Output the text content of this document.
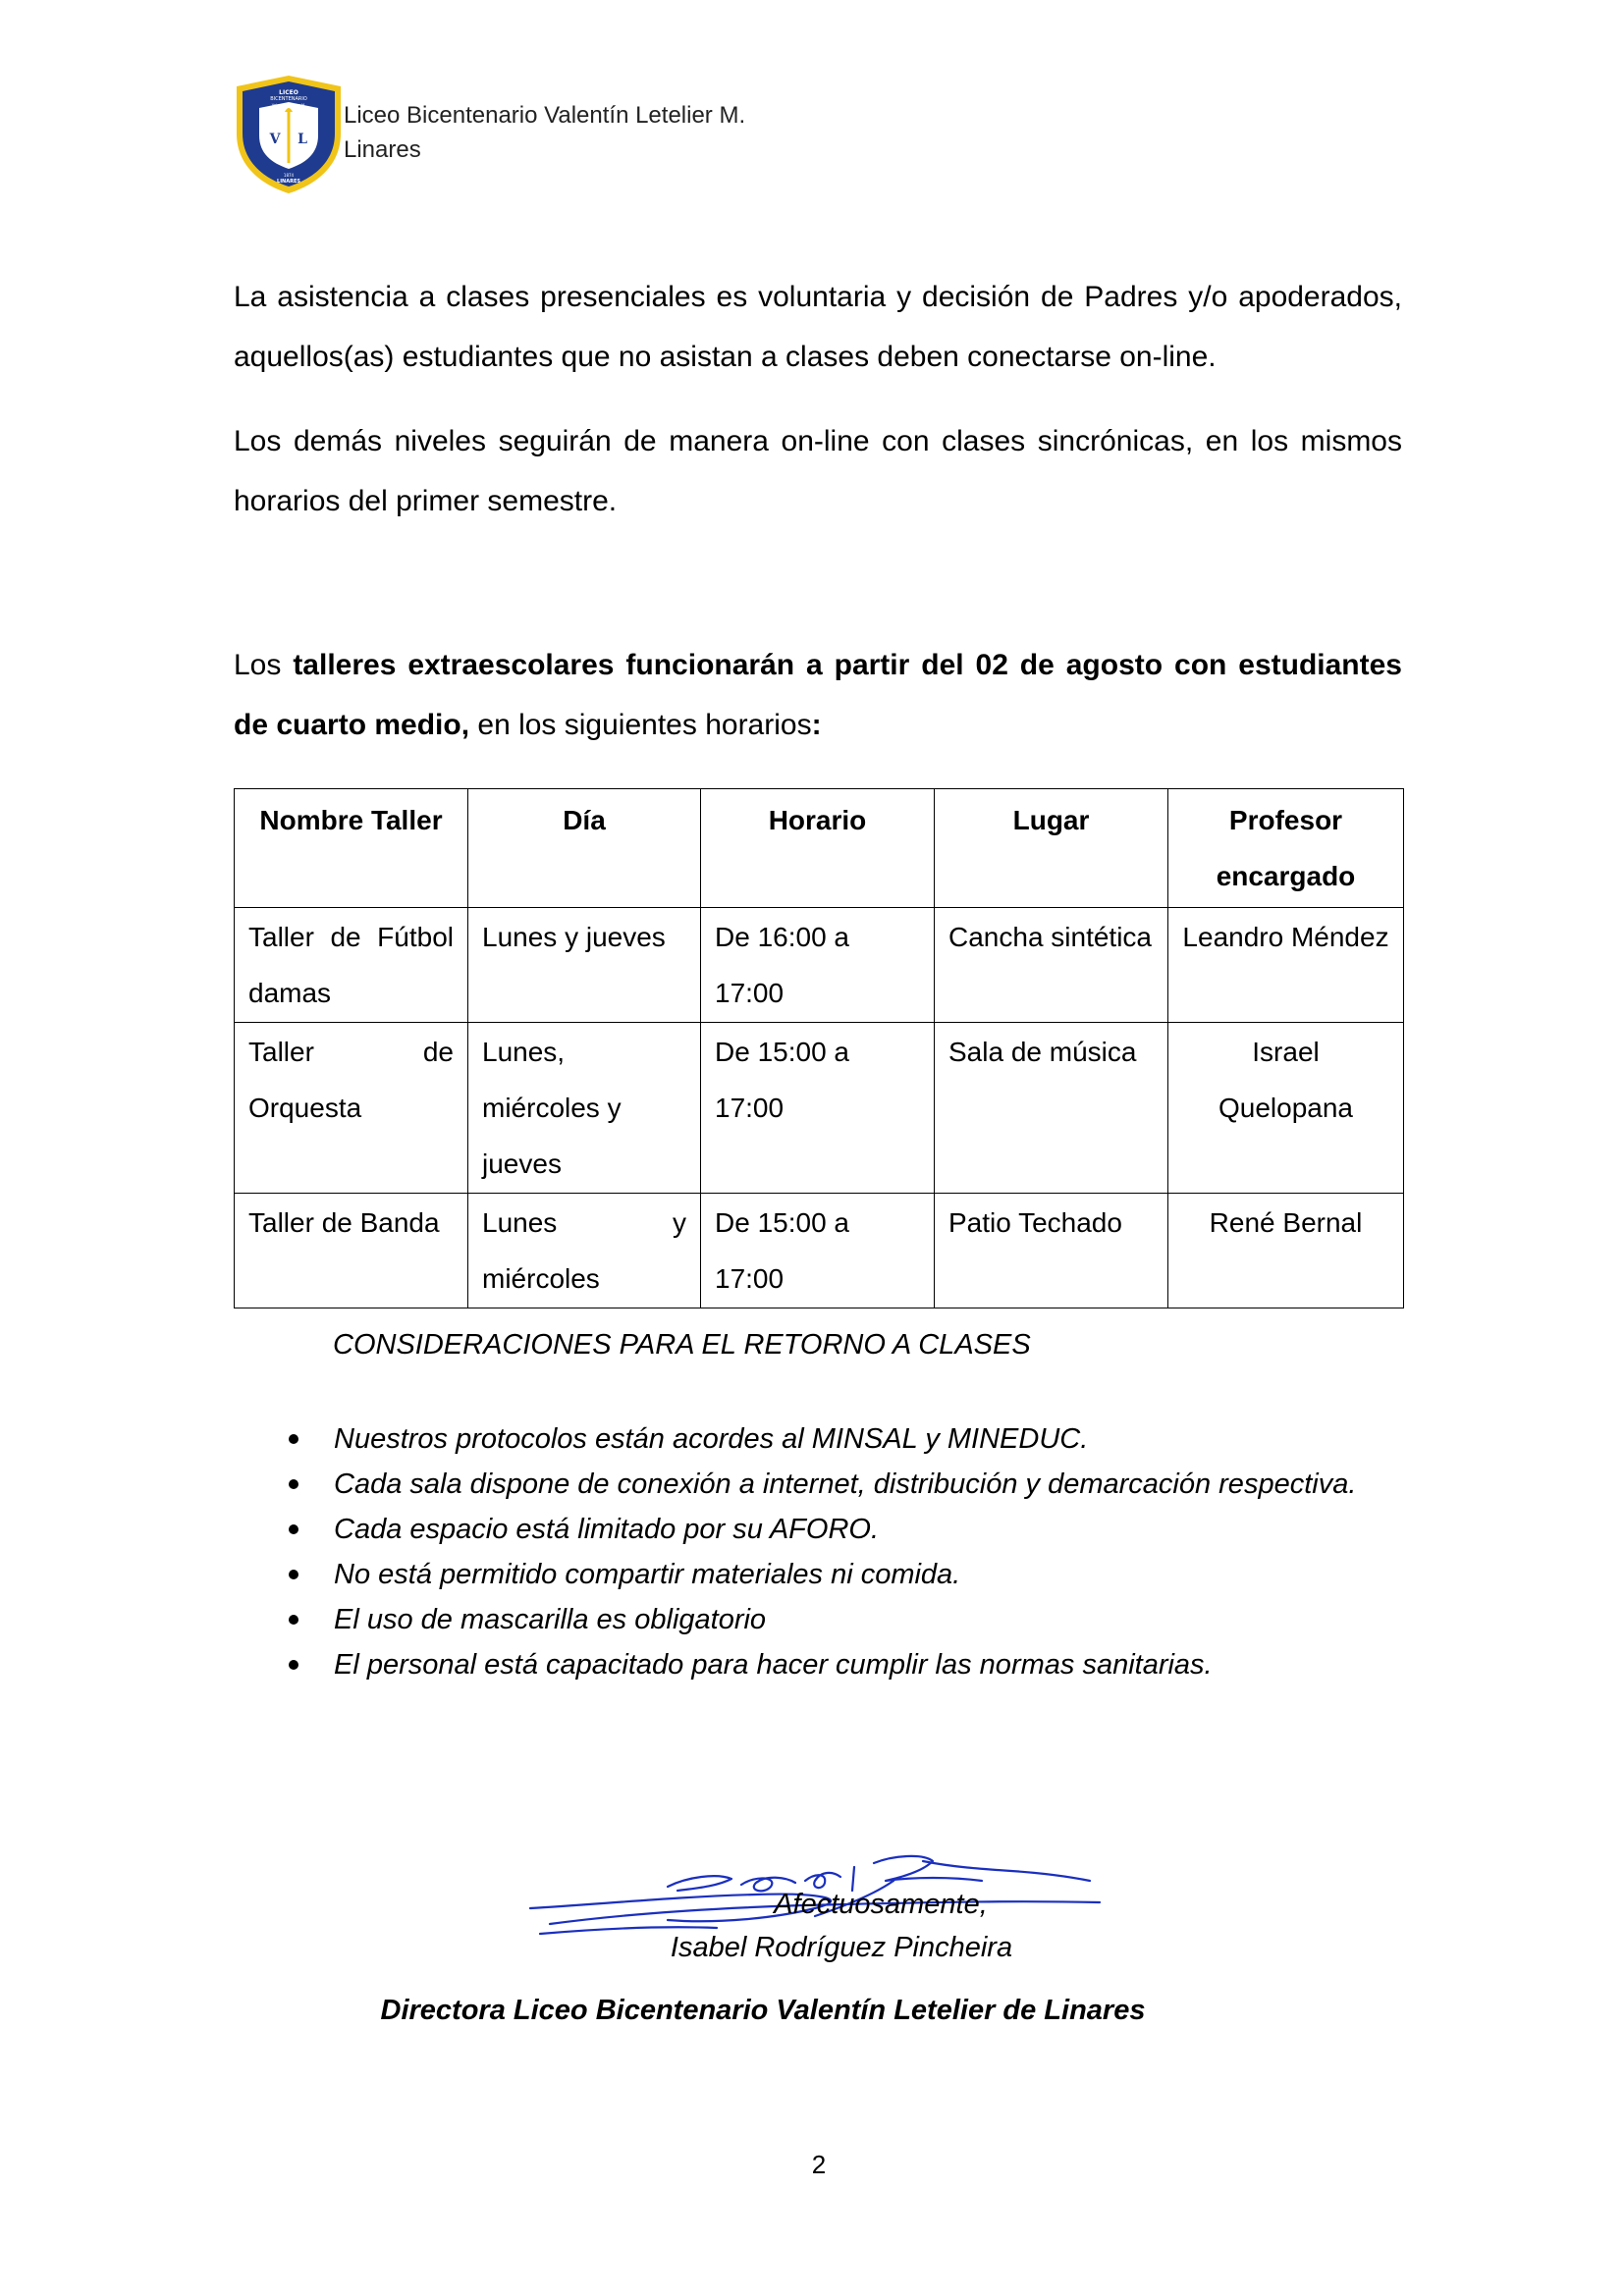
LICEO
BICENTENARIO
Valentín Letelier M.
V L
1874
LINARES
Liceo Bicentenario Valentín Letelier M.
Linares
La asistencia a clases presenciales es voluntaria y decisión de Padres y/o apoderados, aquellos(as) estudiantes que no asistan a clases deben conectarse on-line.
Los demás niveles seguirán de manera on-line con clases sincrónicas, en los mismos horarios del primer semestre.
Los talleres extraescolares funcionarán a partir del 02 de agosto con estudiantes de cuarto medio, en los siguientes horarios:
Nombre Taller	Día	Horario	Lugar	Profesor encargado
Taller de Fútbol damas	Lunes y jueves	De 16:00 a 17:00	Cancha sintética	Leandro Méndez
Taller de Orquesta	Lunes, miércoles y jueves	De 15:00 a 17:00	Sala de música	Israel Quelopana
Taller de Banda	Lunes y miércoles	De 15:00 a 17:00	Patio Techado	René Bernal
CONSIDERACIONES PARA EL RETORNO A CLASES
Nuestros protocolos están acordes al MINSAL y MINEDUC.
Cada sala dispone de conexión a internet, distribución y demarcación respectiva.
Cada espacio está limitado por su AFORO.
No está permitido compartir materiales ni comida.
El uso de mascarilla es obligatorio
El personal está capacitado para hacer cumplir las normas sanitarias.
Afectuosamente,
Isabel Rodríguez Pincheira
Directora Liceo Bicentenario Valentín Letelier de Linares
2
